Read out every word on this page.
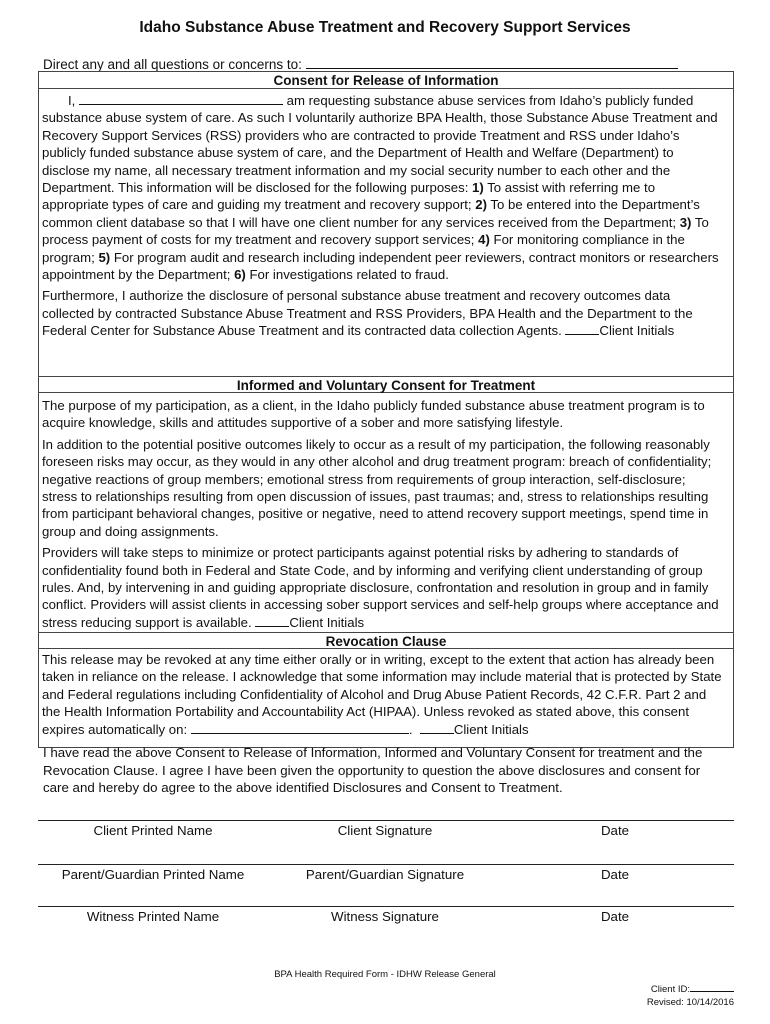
Idaho Substance Abuse Treatment and Recovery Support Services
Direct any and all questions or concerns to:
Consent for Release of Information

I,	am requesting substance abuse services from Idaho’s publicly funded substance abuse system of care. As such I voluntarily authorize BPA Health, those Substance Abuse Treatment and Recovery Support Services (RSS) providers who are contracted to provide Treatment and RSS under Idaho’s publicly funded substance abuse system of care, and the Department of Health and Welfare (Department) to disclose my name, all necessary treatment information and my social security number to each other and the Department. This information will be disclosed for the following purposes: 1) To assist with referring me to appropriate types of care and guiding my treatment and recovery support; 2) To be entered into the Department’s common client database so that I will have one client number for any services received from the Department; 3) To process payment of costs for my treatment and recovery support services; 4) For monitoring compliance in the program; 5) For program audit and research including independent peer reviewers, contract monitors or researchers appointment by the Department; 6) For investigations related to fraud.

Furthermore, I authorize the disclosure of personal substance abuse treatment and recovery outcomes data collected by contracted Substance Abuse Treatment and RSS Providers, BPA Health and the Department to the Federal Center for Substance Abuse Treatment and its contracted data collection Agents.	Client Initials

Informed and Voluntary Consent for Treatment

The purpose of my participation, as a client, in the Idaho publicly funded substance abuse treatment program is to acquire knowledge, skills and attitudes supportive of a sober and more satisfying lifestyle.

In addition to the potential positive outcomes likely to occur as a result of my participation, the following reasonably foreseen risks may occur, as they would in any other alcohol and drug treatment program: breach of confidentiality; negative reactions of group members; emotional stress from requirements of group interaction, self-disclosure; stress to relationships resulting from open discussion of issues, past traumas; and, stress to relationships resulting from participant behavioral changes, positive or negative, need to attend recovery support meetings, spend time in group and doing assignments.

Providers will take steps to minimize or protect participants against potential risks by adhering to standards of confidentiality found both in Federal and State Code, and by informing and verifying client understanding of group rules. And, by intervening in and guiding appropriate disclosure, confrontation and resolution in group and in family conflict. Providers will assist clients in accessing sober support services and self-help groups where acceptance and stress reducing support is available.	Client Initials

Revocation Clause

This release may be revoked at any time either orally or in writing, except to the extent that action has already been taken in reliance on the release. I acknowledge that some information may include material that is protected by State and Federal regulations including Confidentiality of Alcohol and Drug Abuse Patient Records, 42 C.F.R. Part 2 and the Health Information Portability and Accountability Act (HIPAA). Unless revoked as stated above, this consent expires automatically on:	.	Client Initials

I have read the above Consent to Release of Information, Informed and Voluntary Consent for treatment and the Revocation Clause. I agree I have been given the opportunity to question the above disclosures and consent for care and hereby do agree to the above identified Disclosures and Consent to Treatment.
Client Printed Name	Client Signature	Date
Parent/Guardian Printed Name	Parent/Guardian Signature	Date
Witness Printed Name	Witness Signature	Date
BPA Health Required Form - IDHW Release General
Client ID:
Revised: 10/14/2016
